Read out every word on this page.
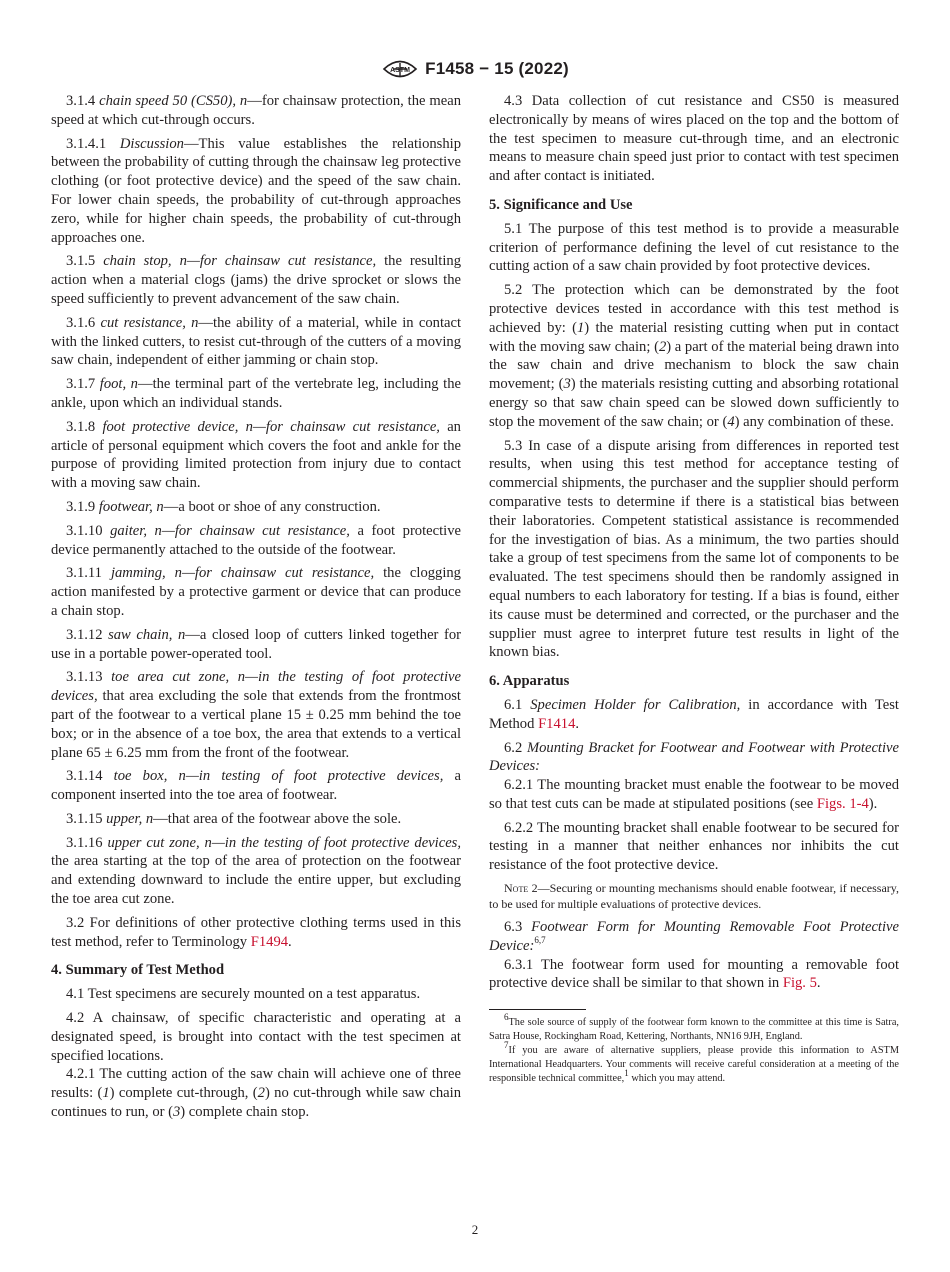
ASTM F1458 − 15 (2022)

3.1.4 chain speed 50 (CS50), n—for chainsaw protection, the mean speed at which cut-through occurs.

3.1.4.1 Discussion—This value establishes the relationship between the probability of cutting through the chainsaw leg protective clothing (or foot protective device) and the speed of the saw chain. For lower chain speeds, the probability of cut-through approaches zero, while for higher chain speeds, the probability of cut-through approaches one.

3.1.5 chain stop, n—for chainsaw cut resistance, the resulting action when a material clogs (jams) the drive sprocket or slows the speed sufficiently to prevent advancement of the saw chain.

3.1.6 cut resistance, n—the ability of a material, while in contact with the linked cutters, to resist cut-through of the cutters of a moving saw chain, independent of either jamming or chain stop.

3.1.7 foot, n—the terminal part of the vertebrate leg, including the ankle, upon which an individual stands.

3.1.8 foot protective device, n—for chainsaw cut resistance, an article of personal equipment which covers the foot and ankle for the purpose of providing limited protection from injury due to contact with a moving saw chain.

3.1.9 footwear, n—a boot or shoe of any construction.

3.1.10 gaiter, n—for chainsaw cut resistance, a foot protective device permanently attached to the outside of the footwear.

3.1.11 jamming, n—for chainsaw cut resistance, the clogging action manifested by a protective garment or device that can produce a chain stop.

3.1.12 saw chain, n—a closed loop of cutters linked together for use in a portable power-operated tool.

3.1.13 toe area cut zone, n—in the testing of foot protective devices, that area excluding the sole that extends from the frontmost part of the footwear to a vertical plane 15 ± 0.25 mm behind the toe box; or in the absence of a toe box, the area that extends to a vertical plane 65 ± 6.25 mm from the front of the footwear.

3.1.14 toe box, n—in testing of foot protective devices, a component inserted into the toe area of footwear.

3.1.15 upper, n—that area of the footwear above the sole.

3.1.16 upper cut zone, n—in the testing of foot protective devices, the area starting at the top of the area of protection on the footwear and extending downward to include the entire upper, but excluding the toe area cut zone.

3.2 For definitions of other protective clothing terms used in this test method, refer to Terminology F1494.

4. Summary of Test Method

4.1 Test specimens are securely mounted on a test apparatus.

4.2 A chainsaw, of specific characteristic and operating at a designated speed, is brought into contact with the test specimen at specified locations.

4.2.1 The cutting action of the saw chain will achieve one of three results: (1) complete cut-through, (2) no cut-through while saw chain continues to run, or (3) complete chain stop.

4.3 Data collection of cut resistance and CS50 is measured electronically by means of wires placed on the top and the bottom of the test specimen to measure cut-through time, and an electronic means to measure chain speed just prior to contact with test specimen and after contact is initiated.

5. Significance and Use

5.1 The purpose of this test method is to provide a measurable criterion of performance defining the level of cut resistance to the cutting action of a saw chain provided by foot protective devices.

5.2 The protection which can be demonstrated by the foot protective devices tested in accordance with this test method is achieved by: (1) the material resisting cutting when put in contact with the moving saw chain; (2) a part of the material being drawn into the saw chain and drive mechanism to block the saw chain movement; (3) the materials resisting cutting and absorbing rotational energy so that saw chain speed can be slowed down sufficiently to stop the movement of the saw chain; or (4) any combination of these.

5.3 In case of a dispute arising from differences in reported test results, when using this test method for acceptance testing of commercial shipments, the purchaser and the supplier should perform comparative tests to determine if there is a statistical bias between their laboratories. Competent statistical assistance is recommended for the investigation of bias. As a minimum, the two parties should take a group of test specimens from the same lot of components to be evaluated. The test specimens should then be randomly assigned in equal numbers to each laboratory for testing. If a bias is found, either its cause must be determined and corrected, or the purchaser and the supplier must agree to interpret future test results in light of the known bias.

6. Apparatus

6.1 Specimen Holder for Calibration, in accordance with Test Method F1414.

6.2 Mounting Bracket for Footwear and Footwear with Protective Devices:

6.2.1 The mounting bracket must enable the footwear to be moved so that test cuts can be made at stipulated positions (see Figs. 1-4).

6.2.2 The mounting bracket shall enable footwear to be secured for testing in a manner that neither enhances nor inhibits the cut resistance of the foot protective device.

Note 2—Securing or mounting mechanisms should enable footwear, if necessary, to be used for multiple evaluations of protective devices.

6.3 Footwear Form for Mounting Removable Foot Protective Device:$^{6,7}$

6.3.1 The footwear form used for mounting a removable foot protective device shall be similar to that shown in Fig. 5.

$^6$The sole source of supply of the footwear form known to the committee at this time is Satra, Satra House, Rockingham Road, Kettering, Northants, NN16 9JH, England.

$^7$If you are aware of alternative suppliers, please provide this information to ASTM International Headquarters. Your comments will receive careful consideration at a meeting of the responsible technical committee,$^1$ which you may attend.

2
